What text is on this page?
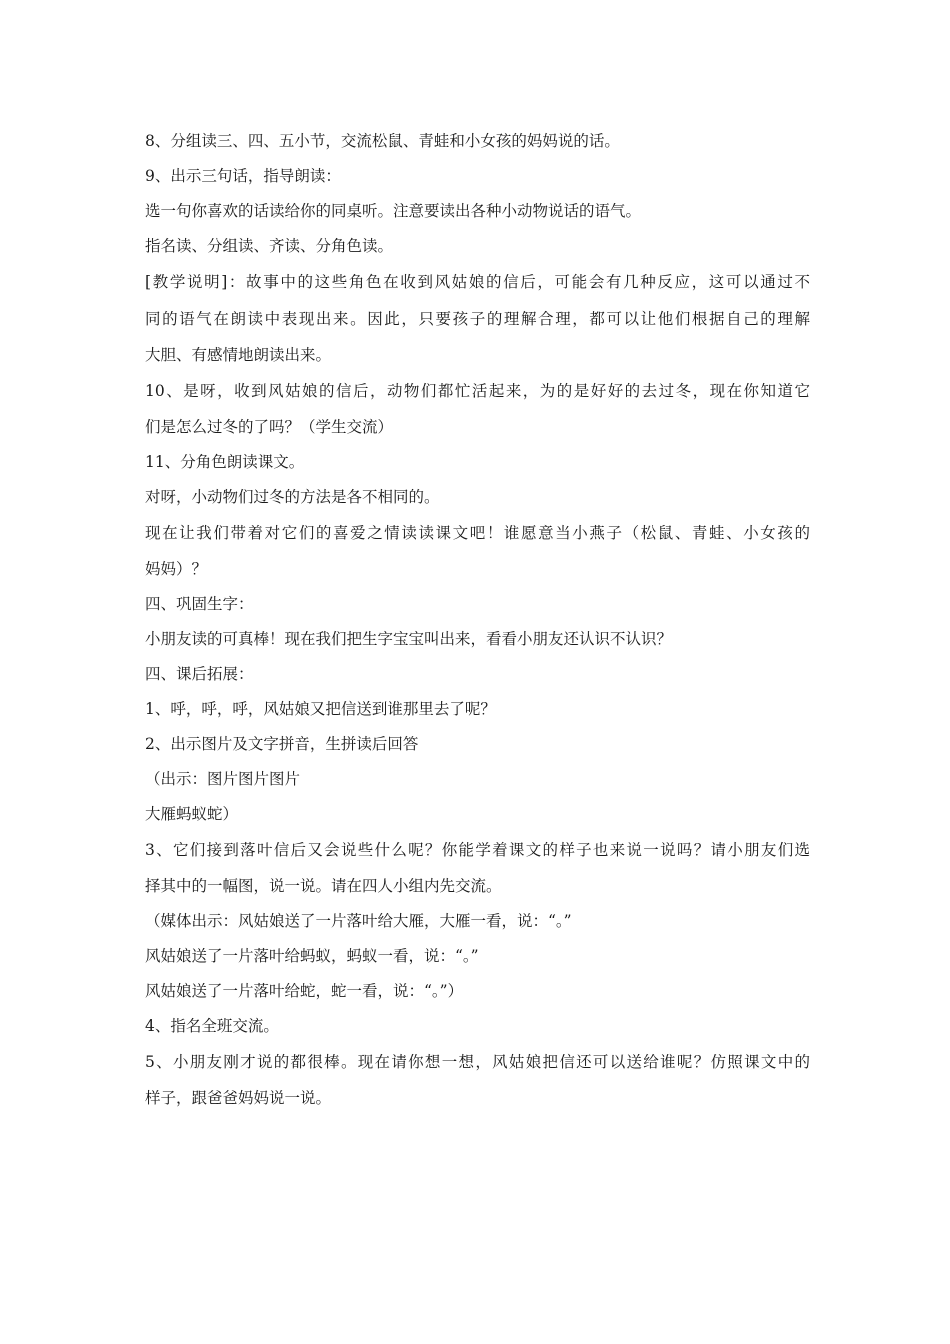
8、分组读三、四、五小节，交流松鼠、青蛙和小女孩的妈妈说的话。
9、出示三句话，指导朗读：
选一句你喜欢的话读给你的同桌听。注意要读出各种小动物说话的语气。
指名读、分组读、齐读、分角色读。
[教学说明]：故事中的这些角色在收到风姑娘的信后，可能会有几种反应，这可以通过不
同的语气在朗读中表现出来。因此，只要孩子的理解合理，都可以让他们根据自己的理解
大胆、有感情地朗读出来。
10、是呀，收到风姑娘的信后，动物们都忙活起来，为的是好好的去过冬，现在你知道它
们是怎么过冬的了吗？（学生交流）
11、分角色朗读课文。
对呀，小动物们过冬的方法是各不相同的。
现在让我们带着对它们的喜爱之情读读课文吧！谁愿意当小燕子（松鼠、青蛙、小女孩的
妈妈）？
四、巩固生字：
小朋友读的可真棒！现在我们把生字宝宝叫出来，看看小朋友还认识不认识？
四、课后拓展：
1、呼，呼，呼，风姑娘又把信送到谁那里去了呢？
2、出示图片及文字拼音，生拼读后回答
（出示：图片图片图片
大雁蚂蚁蛇）
3、它们接到落叶信后又会说些什么呢？你能学着课文的样子也来说一说吗？请小朋友们选
择其中的一幅图，说一说。请在四人小组内先交流。
（媒体出示：风姑娘送了一片落叶给大雁，大雁一看，说：“。”
风姑娘送了一片落叶给蚂蚁，蚂蚁一看，说：“。”
风姑娘送了一片落叶给蛇，蛇一看，说：“。”）
4、指名全班交流。
5、小朋友刚才说的都很棒。现在请你想一想，风姑娘把信还可以送给谁呢？仿照课文中的
样子，跟爸爸妈妈说一说。
